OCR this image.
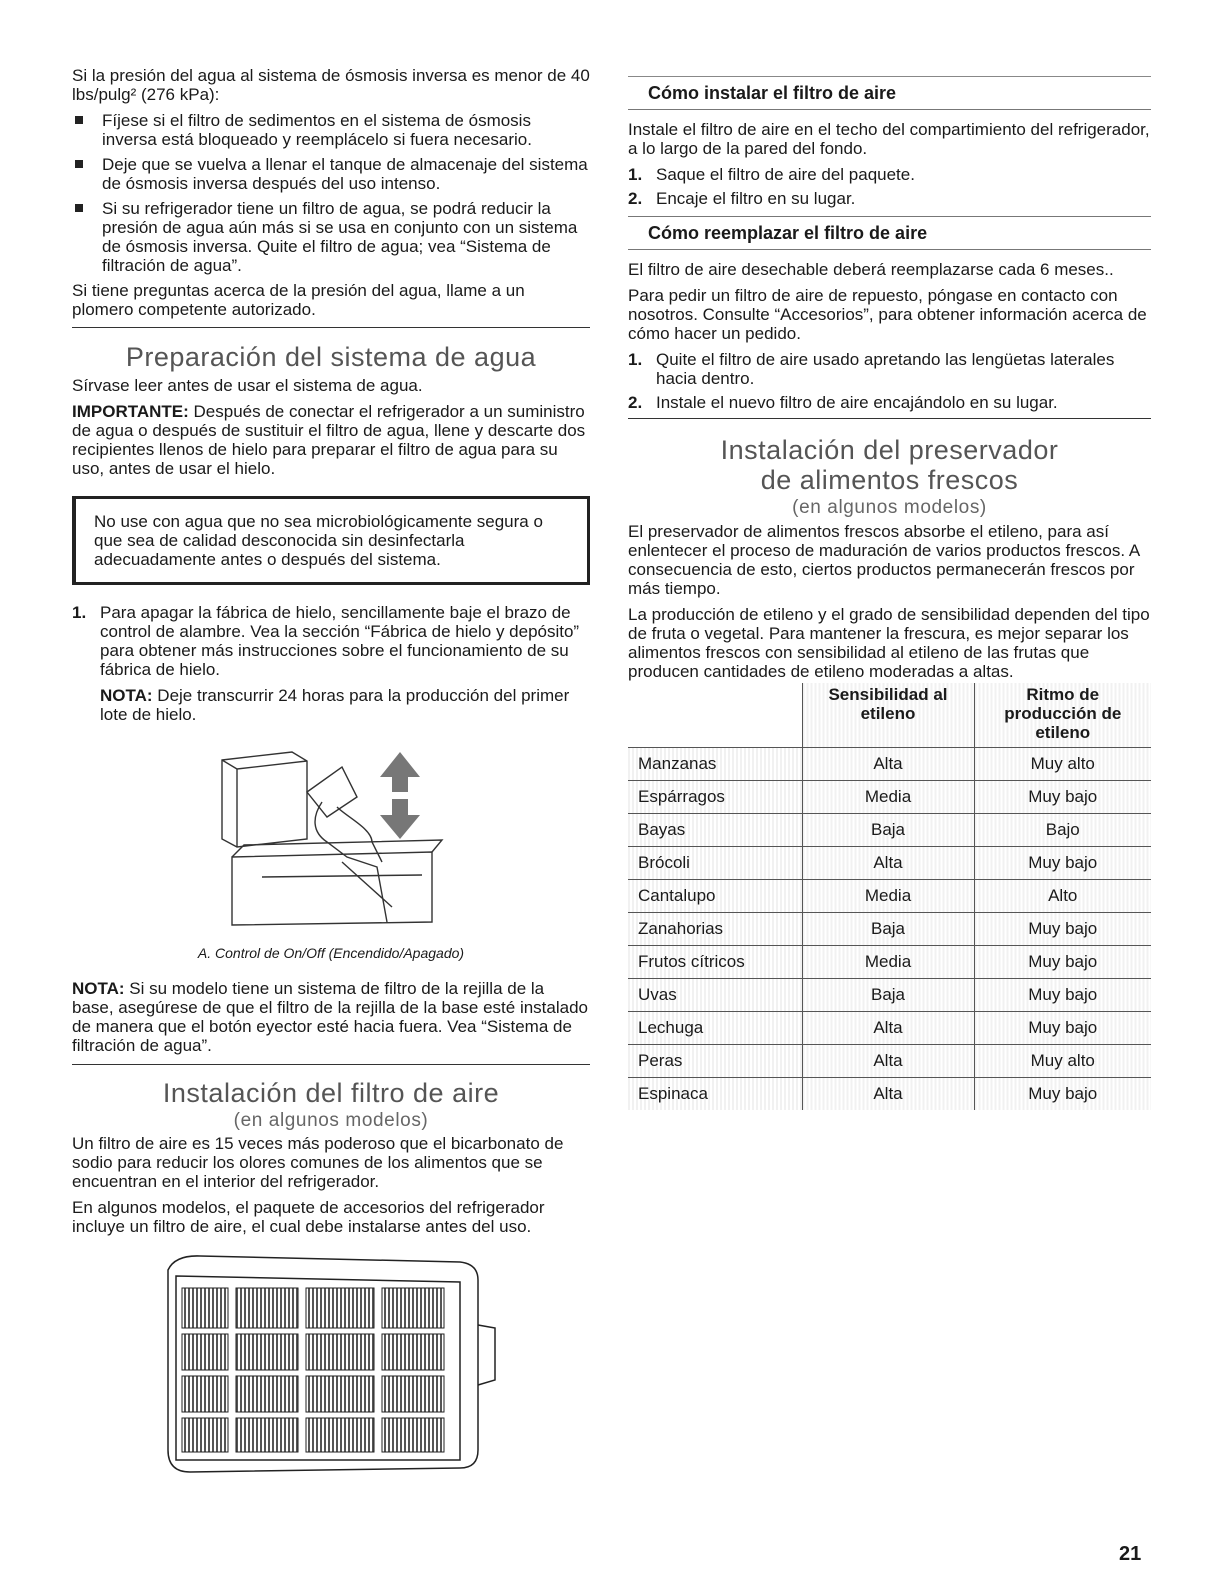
Si la presión del agua al sistema de ósmosis inversa es menor de 40 lbs/pulg² (276 kPa):

Fíjese si el filtro de sedimentos en el sistema de ósmosis inversa está bloqueado y reemplácelo si fuera necesario.
Deje que se vuelva a llenar el tanque de almacenaje del sistema de ósmosis inversa después del uso intenso.
Si su refrigerador tiene un filtro de agua, se podrá reducir la presión de agua aún más si se usa en conjunto con un sistema de ósmosis inversa. Quite el filtro de agua; vea “Sistema de filtración de agua”.

Si tiene preguntas acerca de la presión del agua, llame a un plomero competente autorizado.

Preparación del sistema de agua

Sírvase leer antes de usar el sistema de agua.

IMPORTANTE: Después de conectar el refrigerador a un suministro de agua o después de sustituir el filtro de agua, llene y descarte dos recipientes llenos de hielo para preparar el filtro de agua para su uso, antes de usar el hielo.

No use con agua que no sea microbiológicamente segura o que sea de calidad desconocida sin desinfectarla adecuadamente antes o después del sistema.
1. Para apagar la fábrica de hielo, sencillamente baje el brazo de control de alambre. Vea la sección “Fábrica de hielo y depósito” para obtener más instrucciones sobre el funcionamiento de su fábrica de hielo.

NOTA: Deje transcurrir 24 horas para la producción del primer lote de hielo.

A. Control de On/Off (Encendido/Apagado)

NOTA: Si su modelo tiene un sistema de filtro de la rejilla de la base, asegúrese de que el filtro de la rejilla de la base esté instalado de manera que el botón eyector esté hacia fuera. Vea “Sistema de filtración de agua”.

Instalación del filtro de aire
(en algunos modelos)

Un filtro de aire es 15 veces más poderoso que el bicarbonato de sodio para reducir los olores comunes de los alimentos que se encuentran en el interior del refrigerador.

En algunos modelos, el paquete de accesorios del refrigerador incluye un filtro de aire, el cual debe instalarse antes del uso.

Cómo instalar el filtro de aire

Instale el filtro de aire en el techo del compartimiento del refrigerador, a lo largo de la pared del fondo.

1. Saque el filtro de aire del paquete.
2. Encaje el filtro en su lugar.
Cómo reemplazar el filtro de aire

El filtro de aire desechable deberá reemplazarse cada 6 meses..

Para pedir un filtro de aire de repuesto, póngase en contacto con nosotros. Consulte “Accesorios”, para obtener información acerca de cómo hacer un pedido.

1. Quite el filtro de aire usado apretando las lengüetas laterales hacia dentro.
2. Instale el nuevo filtro de aire encajándolo en su lugar.
Instalación del preservador
de alimentos frescos
(en algunos modelos)

El preservador de alimentos frescos absorbe el etileno, para así enlentecer el proceso de maduración de varios productos frescos. A consecuencia de esto, ciertos productos permanecerán frescos por más tiempo.

La producción de etileno y el grado de sensibilidad dependen del tipo de fruta o vegetal. Para mantener la frescura, es mejor separar los alimentos frescos con sensibilidad al etileno de las frutas que producen cantidades de etileno moderadas a altas.

	Sensibilidad al etileno	Ritmo de producción de etileno
Manzanas	Alta	Muy alto
Espárragos	Media	Muy bajo
Bayas	Baja	Bajo
Brócoli	Alta	Muy bajo
Cantalupo	Media	Alto
Zanahorias	Baja	Muy bajo
Frutos cítricos	Media	Muy bajo
Uvas	Baja	Muy bajo
Lechuga	Alta	Muy bajo
Peras	Alta	Muy alto
Espinaca	Alta	Muy bajo
21
